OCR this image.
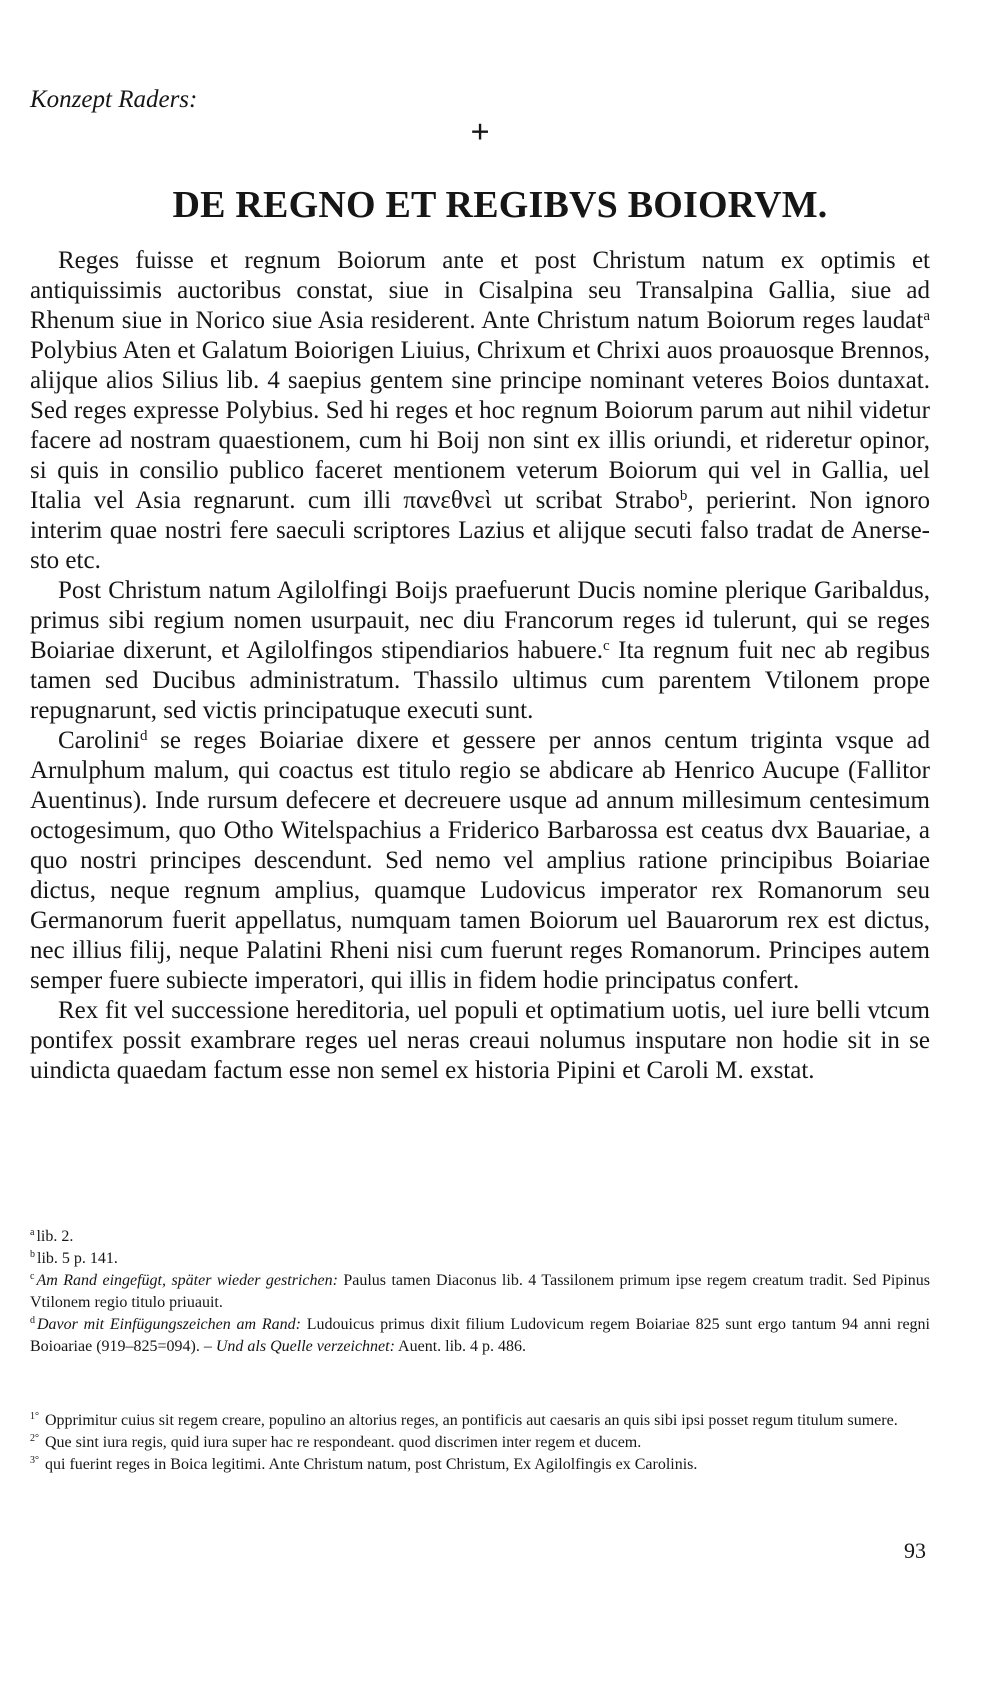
Konzept Raders:
+
DE REGNO ET REGIBVS BOIORVM.

Reges fuisse et regnum Boiorum ante et post Christum natum ex optimis et antiquissimis auctoribus constat, siue in Cisalpina seu Transalpina Gallia, siue ad Rhenum siue in Norico siue Asia residerent. Ante Christum natum Boiorum reges laudat$^a$ Polybius Aten et Galatum Boiorigen Liuius, Chrixum et Chrixi auos proauosque Brennos, alijque alios Silius lib. 4 saepius gentem sine principe nominant veteres Boios duntaxat. Sed reges expresse Polybius. Sed hi reges et hoc regnum Boiorum parum aut nihil videtur facere ad nostram quaestionem, cum hi Boij non sint ex illis oriundi, et rideretur opinor, si quis in consilio publico faceret mentionem veterum Boiorum qui vel in Gallia, uel Italia vel Asia regnarunt. cum illi πανεθνεὶ ut scribat Strabo$^b$, perierint. Non ignoro interim quae nostri fere saeculi scriptores Lazius et alijque secuti falso tradat de Anersesto etc.

Post Christum natum Agilolfingi Boijs praefuerunt Ducis nomine plerique Garibaldus, primus sibi regium nomen usurpauit, nec diu Francorum reges id tulerunt, qui se reges Boiariae dixerunt, et Agilolfingos stipendiarios habuere.$^c$ Ita regnum fuit nec ab regibus tamen sed Ducibus administratum. Thassilo ultimus cum parentem Vtilonem prope repugnarunt, sed victis principatuque executi sunt.

Carolini$^d$ se reges Boiariae dixere et gessere per annos centum triginta vsque ad Arnulphum malum, qui coactus est titulo regio se abdicare ab Henrico Aucupe (Fallitor Auentinus). Inde rursum defecere et decreuere usque ad annum millesimum centesimum octogesimum, quo Otho Witelspachius a Friderico Barbarossa est ceatus dvx Bauariae, a quo nostri principes descendunt. Sed nemo vel amplius ratione principibus Boiariae dictus, neque regnum amplius, quamque Ludovicus imperator rex Romanorum seu Germanorum fuerit appellatus, numquam tamen Boiorum uel Bauarorum rex est dictus, nec illius filij, neque Palatini Rheni nisi cum fuerunt reges Romanorum. Principes autem semper fuere subiecte imperatori, qui illis in fidem hodie principatus confert.

Rex fit vel successione hereditoria, uel populi et optimatium uotis, uel iure belli vtcum pontifex possit exambrare reges uel neras creaui nolumus insputare non hodie sit in se uindicta quaedam factum esse non semel ex historia Pipini et Caroli M. exstat.

$^a$ lib. 2.
$^b$ lib. 5 p. 141.
$^c$ Am Rand eingefügt, später wieder gestrichen: Paulus tamen Diaconus lib. 4 Tassilonem primum ipse regem creatum tradit. Sed Pipinus Vtilonem regio titulo priuauit.
$^d$ Davor mit Einfügungszeichen am Rand: Ludouicus primus dixit filium Ludovicum regem Boiariae 825 sunt ergo tantum 94 anni regni Boioariae (919–825=094). – Und als Quelle verzeichnet: Auent. lib. 4 p. 486.
$^{1^\circ}$ Opprimitur cuius sit regem creare, populino an altorius reges, an pontificis aut caesaris an quis sibi ipsi posset regum titulum sumere.
$^{2^\circ}$ Que sint iura regis, quid iura super hac re respondeant. quod discrimen inter regem et ducem.
$^{3^\circ}$ qui fuerint reges in Boica legitimi. Ante Christum natum, post Christum, Ex Agilolfingis ex Carolinis.
93
